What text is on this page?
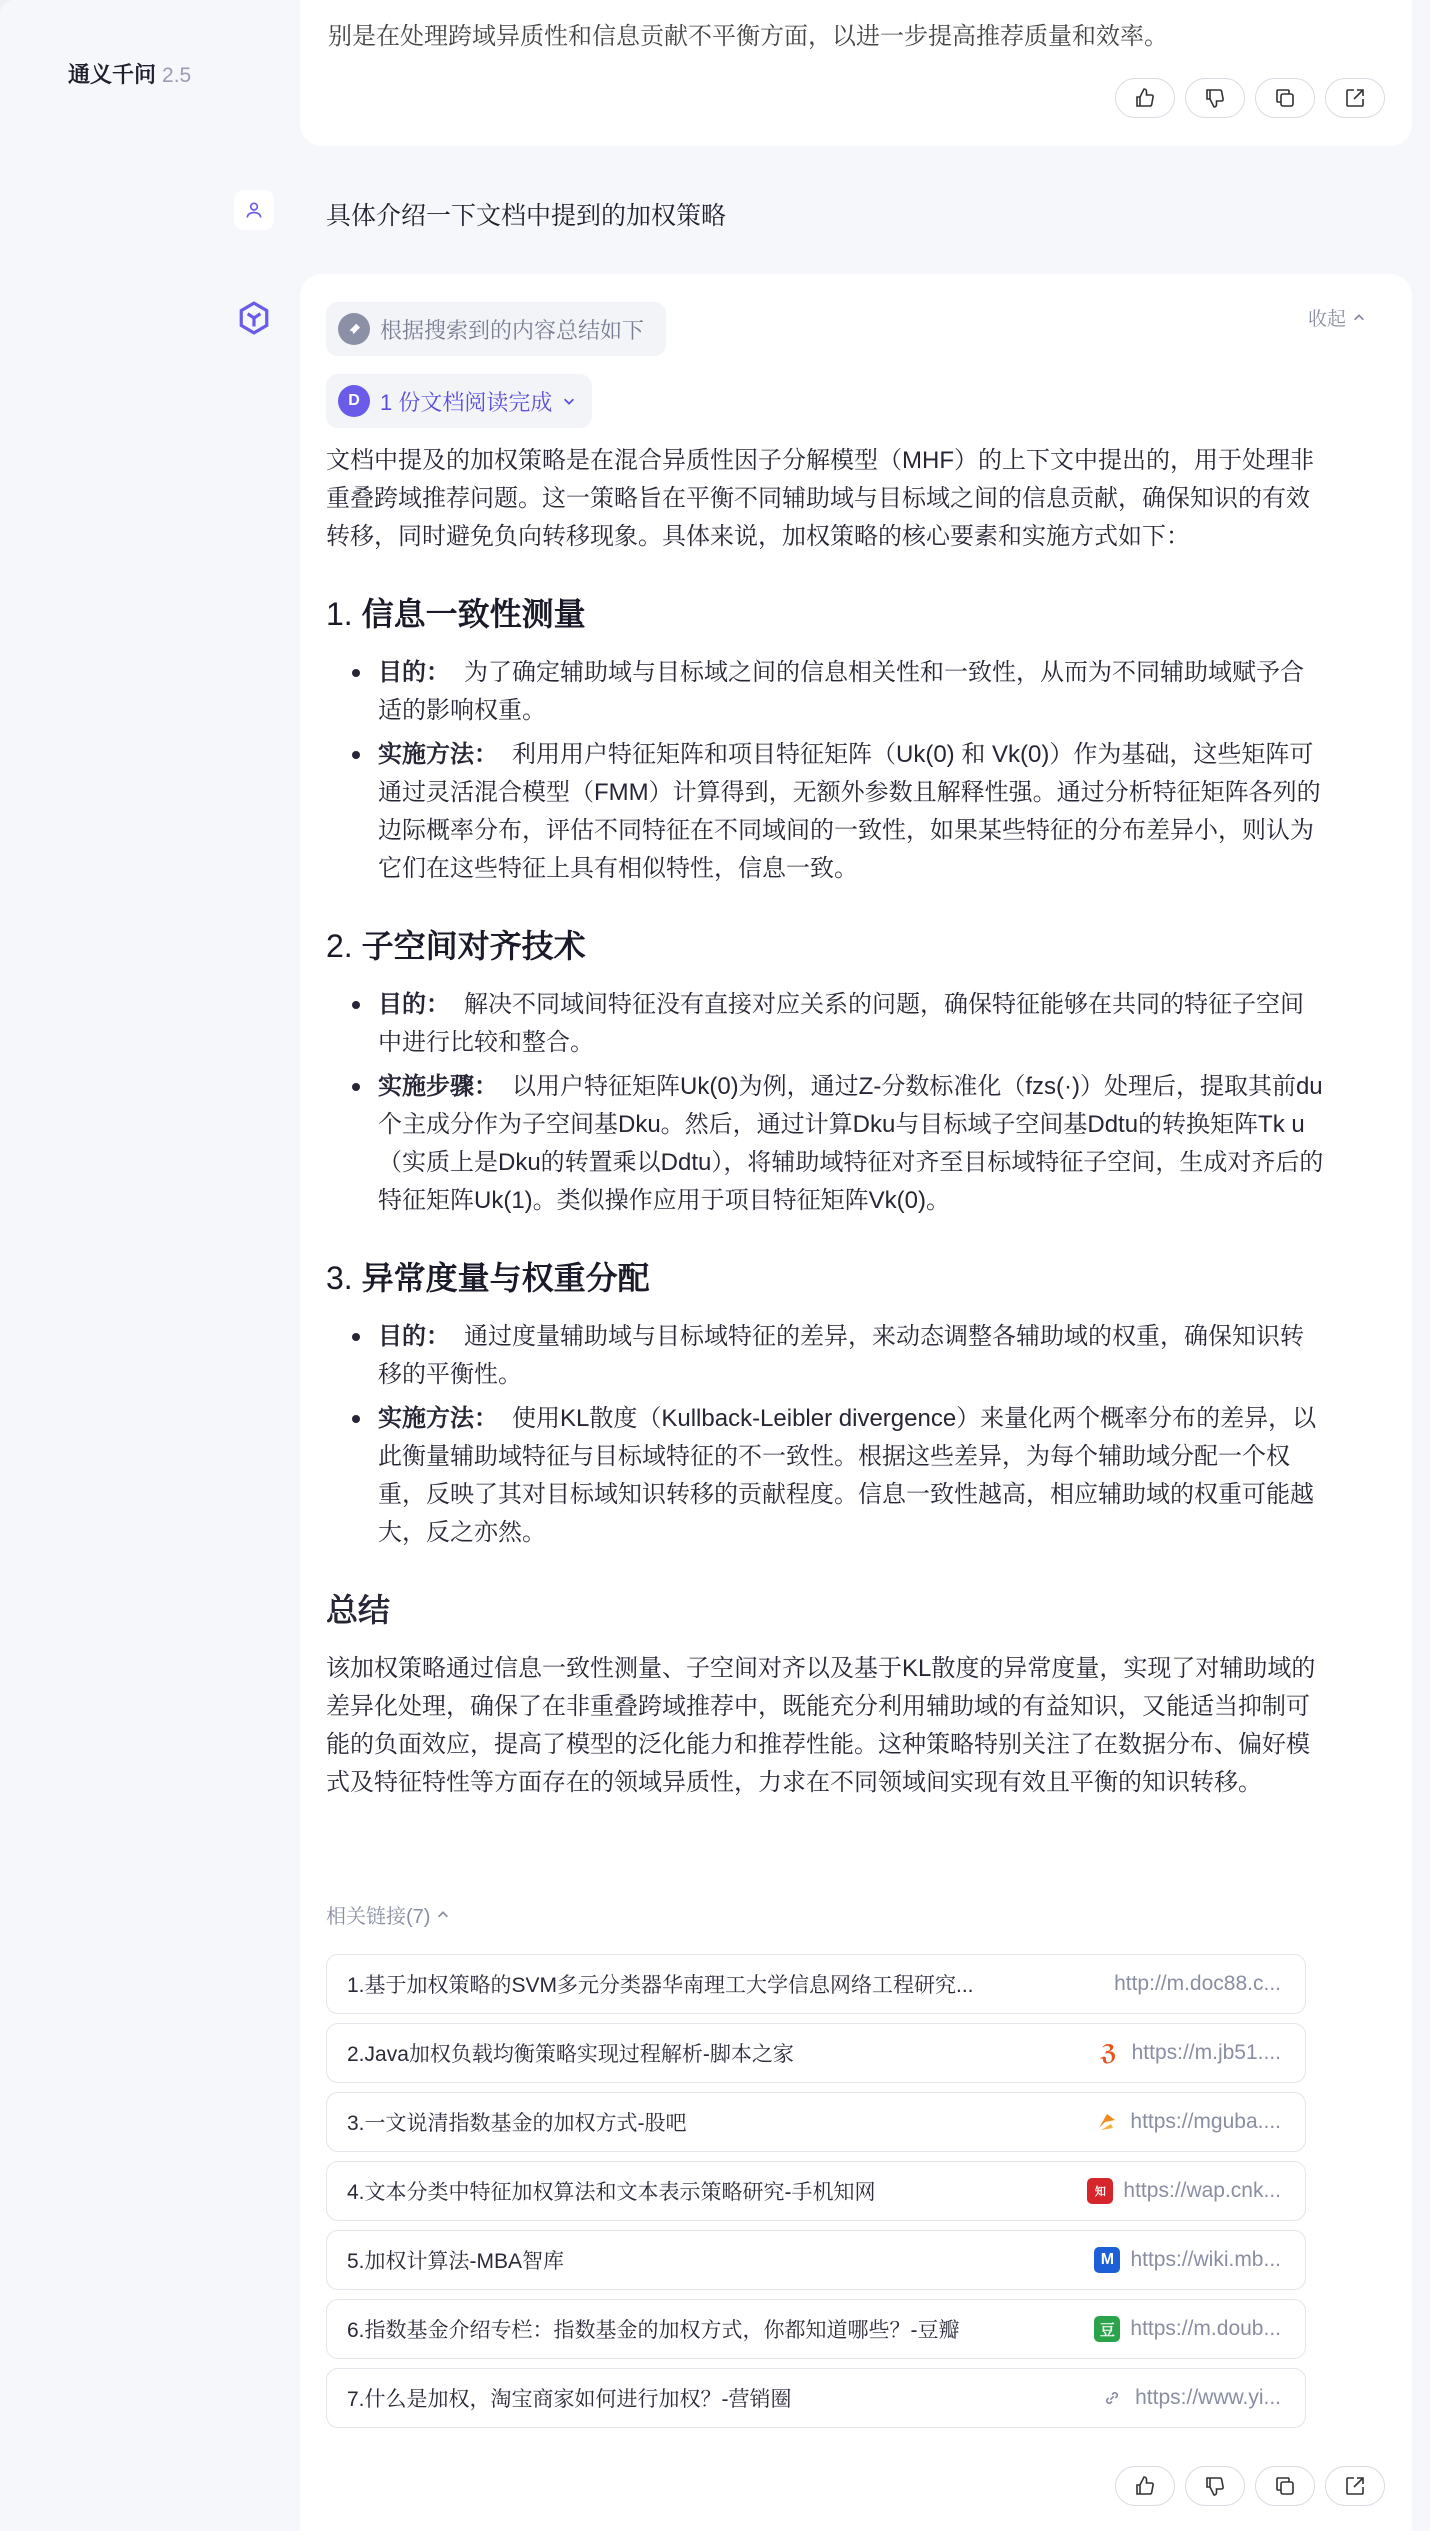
通义千问 2.5
别是在处理跨域异质性和信息贡献不平衡方面，以进一步提高推荐质量和效率。
具体介绍一下文档中提到的加权策略
收起
根据搜索到的内容总结如下
D 1 份文档阅读完成

文档中提及的加权策略是在混合异质性因子分解模型（MHF）的上下文中提出的，用于处理非重叠跨域推荐问题。这一策略旨在平衡不同辅助域与目标域之间的信息贡献，确保知识的有效转移，同时避免负向转移现象。具体来说，加权策略的核心要素和实施方式如下：

1. 信息一致性测量
目的： 为了确定辅助域与目标域之间的信息相关性和一致性，从而为不同辅助域赋予合适的影响权重。
实施方法： 利用用户特征矩阵和项目特征矩阵（Uk(0) 和 Vk(0)）作为基础，这些矩阵可通过灵活混合模型（FMM）计算得到，无额外参数且解释性强。通过分析特征矩阵各列的边际概率分布，评估不同特征在不同域间的一致性，如果某些特征的分布差异小，则认为它们在这些特征上具有相似特性，信息一致。
2. 子空间对齐技术
目的： 解决不同域间特征没有直接对应关系的问题，确保特征能够在共同的特征子空间中进行比较和整合。
实施步骤： 以用户特征矩阵Uk(0)为例，通过Z-分数标准化（fzs(·)）处理后，提取其前du个主成分作为子空间基Dku。然后，通过计算Dku与目标域子空间基Ddtu的转换矩阵Tk u（实质上是Dku的转置乘以Ddtu），将辅助域特征对齐至目标域特征子空间，生成对齐后的特征矩阵Uk(1)。类似操作应用于项目特征矩阵Vk(0)。
3. 异常度量与权重分配
目的： 通过度量辅助域与目标域特征的差异，来动态调整各辅助域的权重，确保知识转移的平衡性。
实施方法： 使用KL散度（Kullback-Leibler divergence）来量化两个概率分布的差异，以此衡量辅助域特征与目标域特征的不一致性。根据这些差异，为每个辅助域分配一个权重，反映了其对目标域知识转移的贡献程度。信息一致性越高，相应辅助域的权重可能越大，反之亦然。
总结

该加权策略通过信息一致性测量、子空间对齐以及基于KL散度的异常度量，实现了对辅助域的差异化处理，确保了在非重叠跨域推荐中，既能充分利用辅助域的有益知识，又能适当抑制可能的负面效应，提高了模型的泛化能力和推荐性能。这种策略特别关注了在数据分布、偏好模式及特征特性等方面存在的领域异质性，力求在不同领域间实现有效且平衡的知识转移。

相关链接(7)
1.基于加权策略的SVM多元分类器华南理工大学信息网络工程研究...	http://m.doc88.c...
2.Java加权负载均衡策略实现过程解析-脚本之家	ℨ https://m.jb51....
3.一文说清指数基金的加权方式-股吧	https://mguba....
4.文本分类中特征加权算法和文本表示策略研究-手机知网	知 https://wap.cnk...
5.加权计算法-MBA智库	M https://wiki.mb...
6.指数基金介绍专栏：指数基金的加权方式，你都知道哪些？-豆瓣	豆 https://m.doub...
7.什么是加权，淘宝商家如何进行加权？-营销圈	https://www.yi...
